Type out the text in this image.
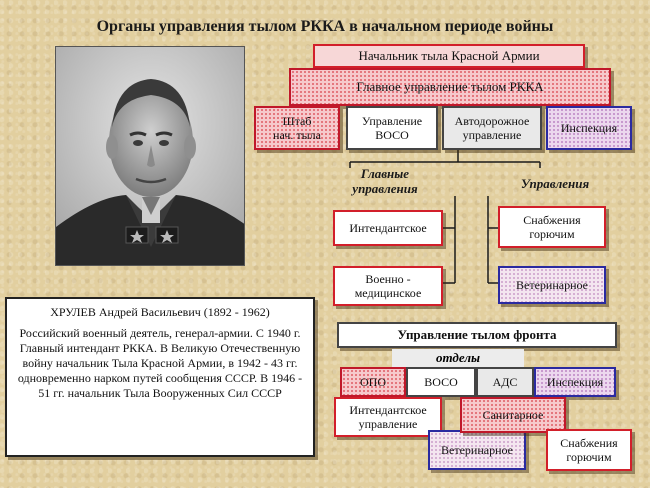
Органы управления тылом РККА в начальном периоде войны
Начальник тыла Красной Армии
Главное управление тылом РККА
Штаб
нач. тыла
Управление
ВОСО
Автодорожное
управление	Инспекция
Главные
управления	Управления
Интендантское
Военно -
медицинское
Снабжения
горючим
Ветеринарное
Управление тылом фронта
отделы
ОПО	ВОСО	АДС Инспекция
Интендантское
управление
Ветеринарное
Санитарное
Снабжения
горючим
ХРУЛЕВ Андрей Васильевич (1892 - 1962)
Российский военный деятель, генерал-армии. С 1940 г. Главный интендант РККА. В Великую Отечественную войну начальник Тыла Красной Армии, в 1942 - 43 гг. одновременно нарком путей сообщения СССР. В 1946 - 51 гг. начальник Тыла Вооруженных Сил СССР
